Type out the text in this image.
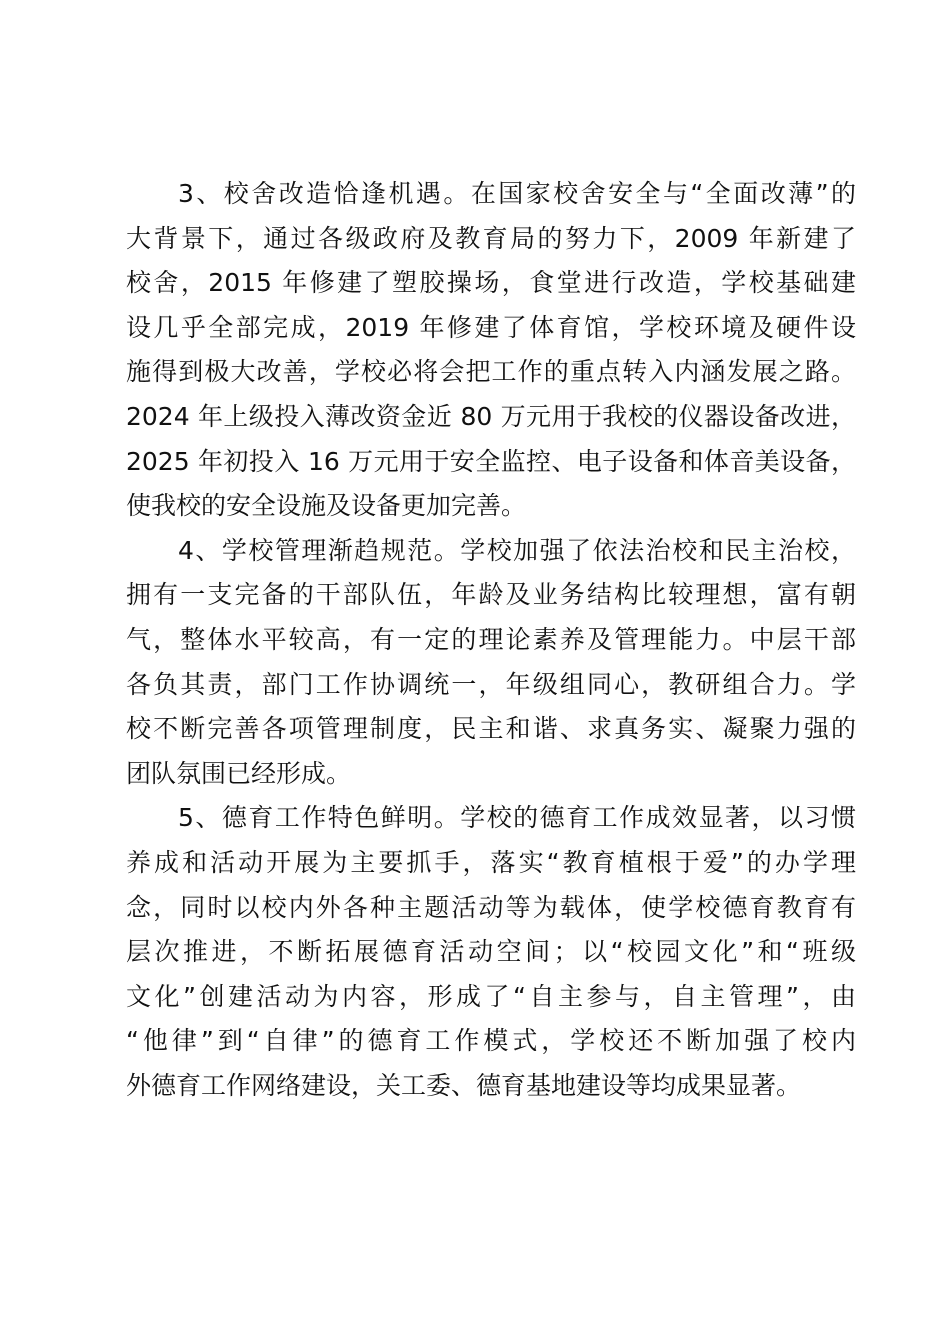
3、校舍改造恰逢机遇。在国家校舍安全与“全面改薄”的
大背景下，通过各级政府及教育局的努力下，2009 年新建了
校舍，2015 年修建了塑胶操场，食堂进行改造，学校基础建
设几乎全部完成，2019 年修建了体育馆，学校环境及硬件设
施得到极大改善，学校必将会把工作的重点转入内涵发展之路。
2024 年上级投入薄改资金近 80 万元用于我校的仪器设备改进，
2025 年初投入 16 万元用于安全监控、电子设备和体音美设备，
使我校的安全设施及设备更加完善。
4、学校管理渐趋规范。学校加强了依法治校和民主治校，
拥有一支完备的干部队伍，年龄及业务结构比较理想，富有朝
气，整体水平较高，有一定的理论素养及管理能力。中层干部
各负其责，部门工作协调统一，年级组同心，教研组合力。学
校不断完善各项管理制度，民主和谐、求真务实、凝聚力强的
团队氛围已经形成。
5、德育工作特色鲜明。学校的德育工作成效显著，以习惯
养成和活动开展为主要抓手，落实“教育植根于爱”的办学理
念，同时以校内外各种主题活动等为载体，使学校德育教育有
层次推进，不断拓展德育活动空间；以“校园文化”和“班级
文化”创建活动为内容，形成了“自主参与，自主管理”，由
“他律”到“自律”的德育工作模式，学校还不断加强了校内
外德育工作网络建设，关工委、德育基地建设等均成果显著。
